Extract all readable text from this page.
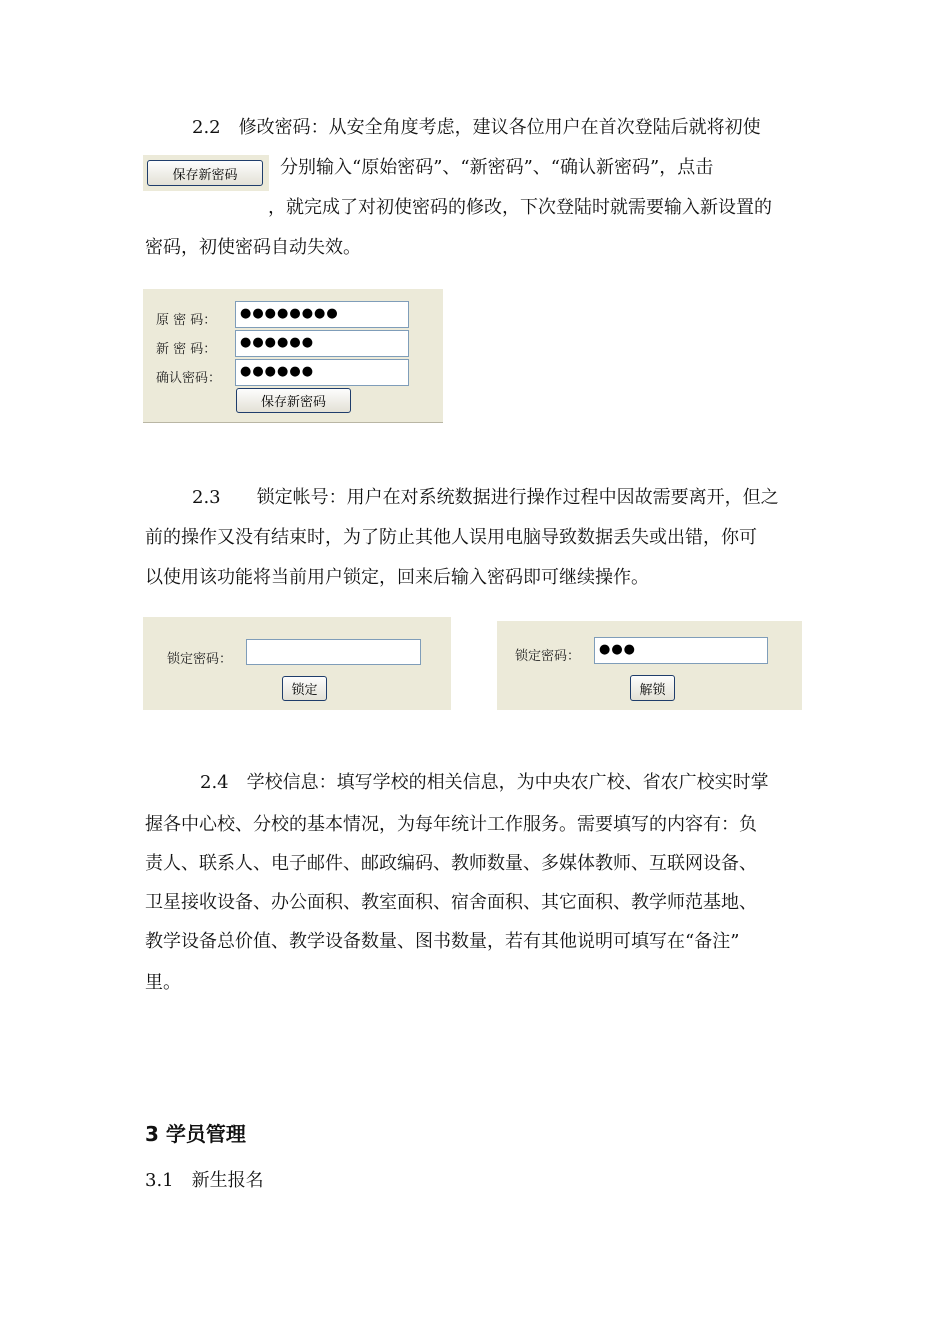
2.2　修改密码：从安全角度考虑，建议各位用户在首次登陆后就将初使
保存新密码	分别输入“原始密码”、“新密码”、“确认新密码”，点击
，就完成了对初使密码的修改，下次登陆时就需要输入新设置的
密码，初使密码自动失效。
原 密 码：	●●●●●●●●
新 密 码：	●●●●●●
确认密码：	●●●●●●
保存新密码
2.3　　锁定帐号：用户在对系统数据进行操作过程中因故需要离开，但之
前的操作又没有结束时，为了防止其他人误用电脑导致数据丢失或出错，你可
以使用该功能将当前用户锁定，回来后输入密码即可继续操作。
锁定密码：
锁定
锁定密码：	●●●
解锁
2.4　学校信息：填写学校的相关信息，为中央农广校、省农广校实时掌
握各中心校、分校的基本情况，为每年统计工作服务。需要填写的内容有：负
责人、联系人、电子邮件、邮政编码、教师数量、多媒体教师、互联网设备、
卫星接收设备、办公面积、教室面积、宿舍面积、其它面积、教学师范基地、
教学设备总价值、教学设备数量、图书数量，若有其他说明可填写在“备注”
里。
3 学员管理
3.1　新生报名
